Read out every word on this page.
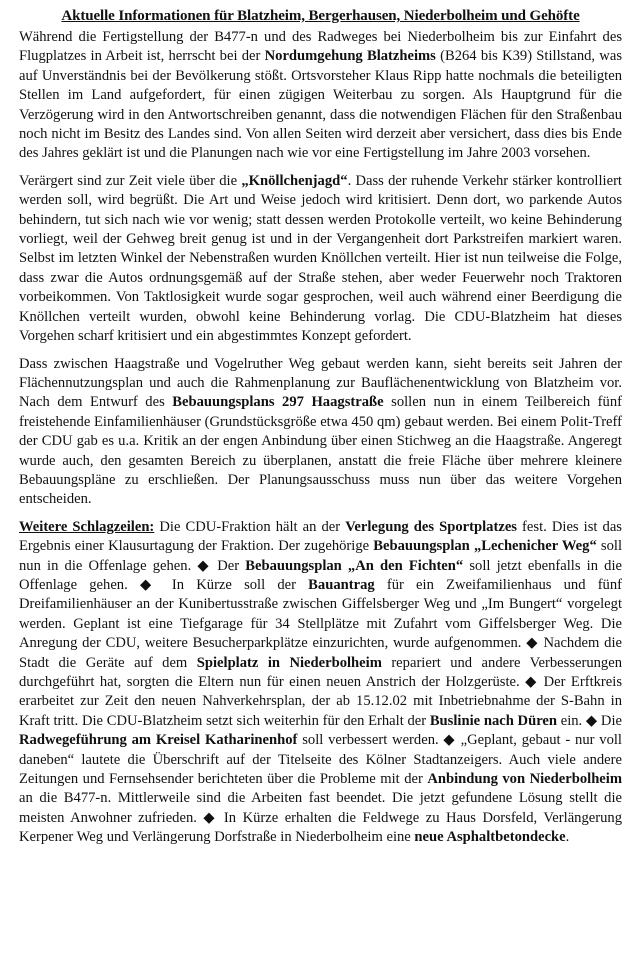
Aktuelle Informationen für Blatzheim, Bergerhausen, Niederbolheim und Gehöfte

Während die Fertigstellung der B477-n und des Radweges bei Niederbolheim bis zur Einfahrt des Flugplatzes in Arbeit ist, herrscht bei der Nordumgehung Blatzheims (B264 bis K39) Stillstand, was auf Unverständnis bei der Bevölkerung stößt. Ortsvorsteher Klaus Ripp hatte nochmals die beteiligten Stellen im Land aufgefordert, für einen zügigen Weiterbau zu sorgen. Als Hauptgrund für die Verzögerung wird in den Antwortschreiben genannt, dass die notwendigen Flächen für den Straßenbau noch nicht im Besitz des Landes sind. Von allen Seiten wird derzeit aber versichert, dass dies bis Ende des Jahres geklärt ist und die Planungen nach wie vor eine Fertigstellung im Jahre 2003 vorsehen.

Verärgert sind zur Zeit viele über die „Knöllchenjagd“. Dass der ruhende Verkehr stärker kontrolliert werden soll, wird begrüßt. Die Art und Weise jedoch wird kritisiert. Denn dort, wo parkende Autos behindern, tut sich nach wie vor wenig; statt dessen werden Protokolle verteilt, wo keine Behinderung vorliegt, weil der Gehweg breit genug ist und in der Vergangenheit dort Parkstreifen markiert waren. Selbst im letzten Winkel der Nebenstraßen wurden Knöllchen verteilt. Hier ist nun teilweise die Folge, dass zwar die Autos ordnungsgemäß auf der Straße stehen, aber weder Feuerwehr noch Traktoren vorbeikommen. Von Taktlosigkeit wurde sogar gesprochen, weil auch während einer Beerdigung die Knöllchen verteilt wurden, obwohl keine Behinderung vorlag. Die CDU-Blatzheim hat dieses Vorgehen scharf kritisiert und ein abgestimmtes Konzept gefordert.

Dass zwischen Haagstraße und Vogelruther Weg gebaut werden kann, sieht bereits seit Jahren der Flächennutzungsplan und auch die Rahmenplanung zur Bauflächenentwicklung von Blatzheim vor. Nach dem Entwurf des Bebauungsplans 297 Haagstraße sollen nun in einem Teilbereich fünf freistehende Einfamilienhäuser (Grundstücksgröße etwa 450 qm) gebaut werden. Bei einem Polit-Treff der CDU gab es u.a. Kritik an der engen Anbindung über einen Stichweg an die Haagstraße. Angeregt wurde auch, den gesamten Bereich zu überplanen, anstatt die freie Fläche über mehrere kleinere Bebauungspläne zu erschließen. Der Planungsausschuss muss nun über das weitere Vorgehen entscheiden.

Weitere Schlagzeilen: Die CDU-Fraktion hält an der Verlegung des Sportplatzes fest. Dies ist das Ergebnis einer Klausurtagung der Fraktion. Der zugehörige Bebauungsplan „Lechenicher Weg“ soll nun in die Offenlage gehen. ◆ Der Bebauungsplan „An den Fichten“ soll jetzt ebenfalls in die Offenlage gehen. ◆ In Kürze soll der Bauantrag für ein Zweifamilienhaus und fünf Dreifamilienhäuser an der Kunibertusstraße zwischen Giffelsberger Weg und „Im Bungert“ vorgelegt werden. Geplant ist eine Tiefgarage für 34 Stellplätze mit Zufahrt vom Giffelsberger Weg. Die Anregung der CDU, weitere Besucherparkplätze einzurichten, wurde aufgenommen. ◆ Nachdem die Stadt die Geräte auf dem Spielplatz in Niederbolheim repariert und andere Verbesserungen durchgeführt hat, sorgten die Eltern nun für einen neuen Anstrich der Holzgerüste. ◆ Der Erftkreis erarbeitet zur Zeit den neuen Nahverkehrsplan, der ab 15.12.02 mit Inbetriebnahme der S-Bahn in Kraft tritt. Die CDU-Blatzheim setzt sich weiterhin für den Erhalt der Buslinie nach Düren ein. ◆ Die Radwegeführung am Kreisel Katharinenhof soll verbessert werden. ◆ „Geplant, gebaut - nur voll daneben“ lautete die Überschrift auf der Titelseite des Kölner Stadtanzeigers. Auch viele andere Zeitungen und Fernsehsender berichteten über die Probleme mit der Anbindung von Niederbolheim an die B477-n. Mittlerweile sind die Arbeiten fast beendet. Die jetzt gefundene Lösung stellt die meisten Anwohner zufrieden. ◆ In Kürze erhalten die Feldwege zu Haus Dorsfeld, Verlängerung Kerpener Weg und Verlängerung Dorfstraße in Niederbolheim eine neue Asphaltbetondecke.
